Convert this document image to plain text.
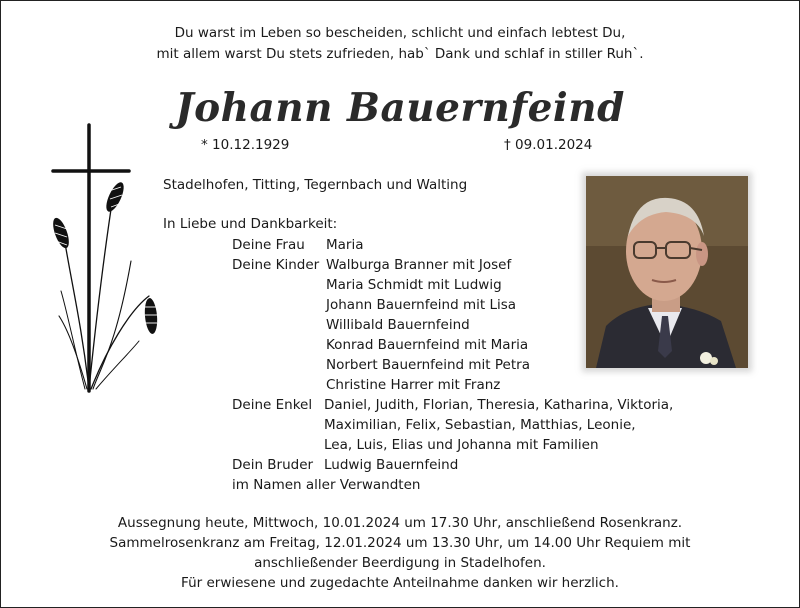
Du warst im Leben so bescheiden, schlicht und einfach lebtest Du,
mit allem warst Du stets zufrieden, hab` Dank und schlaf in stiller Ruh`.
Johann Bauernfeind
* 10.12.1929	† 09.01.2024
Stadelhofen, Titting, Tegernbach und Walting
In Liebe und Dankbarkeit:
Deine Frau Maria
Deine Kinder Walburga Branner mit Josef
Maria Schmidt mit Ludwig
Johann Bauernfeind mit Lisa
Willibald Bauernfeind
Konrad Bauernfeind mit Maria
Norbert Bauernfeind mit Petra
Christine Harrer mit Franz
Deine Enkel Daniel, Judith, Florian, Theresia, Katharina, Viktoria,
Maximilian, Felix, Sebastian, Matthias, Leonie,
Lea, Luis, Elias und Johanna mit Familien
Dein Bruder Ludwig Bauernfeind
im Namen aller Verwandten
Aussegnung heute, Mittwoch, 10.01.2024 um 17.30 Uhr, anschließend Rosenkranz.
Sammelrosenkranz am Freitag, 12.01.2024 um 13.30 Uhr, um 14.00 Uhr Requiem mit
anschließender Beerdigung in Stadelhofen.
Für erwiesene und zugedachte Anteilnahme danken wir herzlich.
